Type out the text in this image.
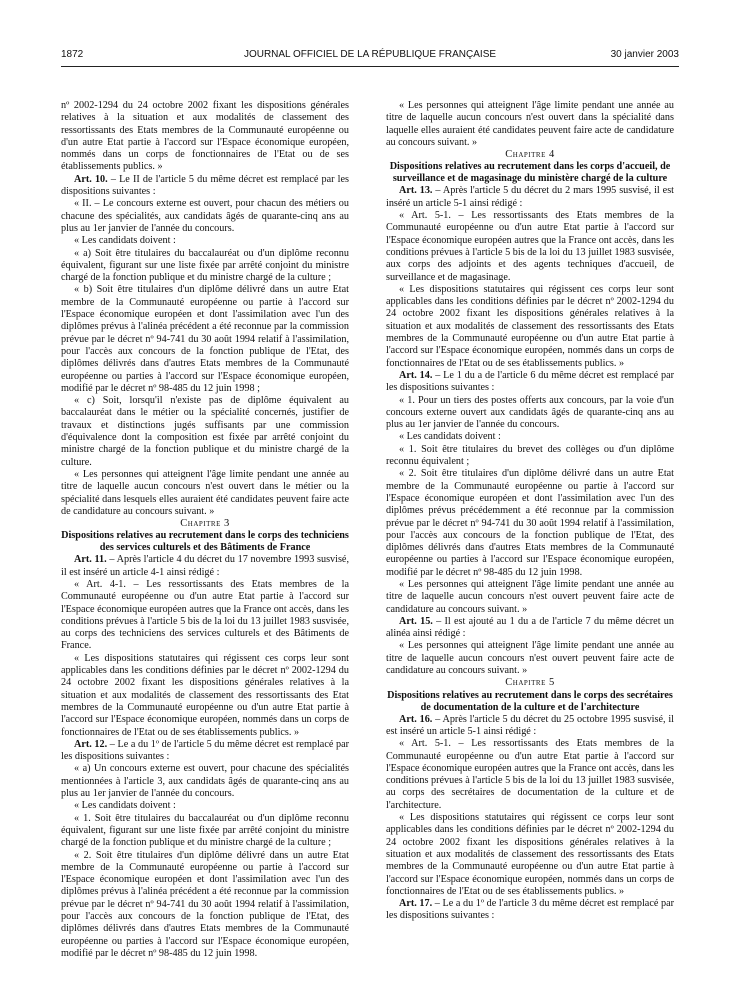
1872	JOURNAL OFFICIEL DE LA RÉPUBLIQUE FRANÇAISE	30 janvier 2003

nº 2002-1294 du 24 octobre 2002 fixant les dispositions générales relatives à la situation et aux modalités de classement des ressortissants des Etats membres de la Communauté européenne ou d'un autre Etat partie à l'accord sur l'Espace économique européen, nommés dans un corps de fonctionnaires de l'Etat ou de ses établissements publics. »

Art. 10. – Le II de l'article 5 du même décret est remplacé par les dispositions suivantes :

« II. – Le concours externe est ouvert, pour chacun des métiers ou chacune des spécialités, aux candidats âgés de quarante-cinq ans au plus au 1er janvier de l'année du concours.

« Les candidats doivent :

« a) Soit être titulaires du baccalauréat ou d'un diplôme reconnu équivalent, figurant sur une liste fixée par arrêté conjoint du ministre chargé de la fonction publique et du ministre chargé de la culture ;

« b) Soit être titulaires d'un diplôme délivré dans un autre Etat membre de la Communauté européenne ou partie à l'accord sur l'Espace économique européen et dont l'assimilation avec l'un des diplômes prévus à l'alinéa précédent a été reconnue par la commission prévue par le décret nº 94-741 du 30 août 1994 relatif à l'assimilation, pour l'accès aux concours de la fonction publique de l'Etat, des diplômes délivrés dans d'autres Etats membres de la Communauté européenne ou parties à l'accord sur l'Espace économique européen, modifié par le décret nº 98-485 du 12 juin 1998 ;

« c) Soit, lorsqu'il n'existe pas de diplôme équivalent au baccalauréat dans le métier ou la spécialité concernés, justifier de travaux et distinctions jugés suffisants par une commission d'équivalence dont la composition est fixée par arrêté conjoint du ministre chargé de la fonction publique et du ministre chargé de la culture.

« Les personnes qui atteignent l'âge limite pendant une année au titre de laquelle aucun concours n'est ouvert dans le métier ou la spécialité dans lesquels elles auraient été candidates peuvent faire acte de candidature au concours suivant. »

Chapitre 3

Dispositions relatives au recrutement dans le corps des techniciens des services culturels et des Bâtiments de France

Art. 11. – Après l'article 4 du décret du 17 novembre 1993 susvisé, il est inséré un article 4-1 ainsi rédigé :

« Art. 4-1. – Les ressortissants des Etats membres de la Communauté européenne ou d'un autre Etat partie à l'accord sur l'Espace économique européen autres que la France ont accès, dans les conditions prévues à l'article 5 bis de la loi du 13 juillet 1983 susvisée, au corps des techniciens des services culturels et des Bâtiments de France.

« Les dispositions statutaires qui régissent ces corps leur sont applicables dans les conditions définies par le décret nº 2002-1294 du 24 octobre 2002 fixant les dispositions générales relatives à la situation et aux modalités de classement des ressortissants des Etat membres de la Communauté européenne ou d'un autre Etat partie à l'accord sur l'Espace économique européen, nommés dans un corps de fonctionnaires de l'Etat ou de ses établissements publics. »

Art. 12. – Le a du 1º de l'article 5 du même décret est remplacé par les dispositions suivantes :

« a) Un concours externe est ouvert, pour chacune des spécialités mentionnées à l'article 3, aux candidats âgés de quarante-cinq ans au plus au 1er janvier de l'année du concours.

« Les candidats doivent :

« 1. Soit être titulaires du baccalauréat ou d'un diplôme reconnu équivalent, figurant sur une liste fixée par arrêté conjoint du ministre chargé de la fonction publique et du ministre chargé de la culture ;

« 2. Soit être titulaires d'un diplôme délivré dans un autre Etat membre de la Communauté européenne ou partie à l'accord sur l'Espace économique européen et dont l'assimilation avec l'un des diplômes prévus à l'alinéa précédent a été reconnue par la commission prévue par le décret nº 94-741 du 30 août 1994 relatif à l'assimilation, pour l'accès aux concours de la fonction publique de l'Etat, des diplômes délivrés dans d'autres Etats membres de la Communauté européenne ou parties à l'accord sur l'Espace économique européen, modifié par le décret nº 98-485 du 12 juin 1998.

« Les personnes qui atteignent l'âge limite pendant une année au titre de laquelle aucun concours n'est ouvert dans la spécialité dans laquelle elles auraient été candidates peuvent faire acte de candidature au concours suivant. »

Chapitre 4

Dispositions relatives au recrutement dans les corps d'accueil, de surveillance et de magasinage du ministère chargé de la culture

Art. 13. – Après l'article 5 du décret du 2 mars 1995 susvisé, il est inséré un article 5-1 ainsi rédigé :

« Art. 5-1. – Les ressortissants des Etats membres de la Communauté européenne ou d'un autre Etat partie à l'accord sur l'Espace économique européen autres que la France ont accès, dans les conditions prévues à l'article 5 bis de la loi du 13 juillet 1983 susvisée, aux corps des adjoints et des agents techniques d'accueil, de surveillance et de magasinage.

« Les dispositions statutaires qui régissent ces corps leur sont applicables dans les conditions définies par le décret nº 2002-1294 du 24 octobre 2002 fixant les dispositions générales relatives à la situation et aux modalités de classement des ressortissants des Etats membres de la Communauté européenne ou d'un autre Etat partie à l'accord sur l'Espace économique européen, nommés dans un corps de fonctionnaires de l'Etat ou de ses établissements publics. »

Art. 14. – Le 1 du a de l'article 6 du même décret est remplacé par les dispositions suivantes :

« 1. Pour un tiers des postes offerts aux concours, par la voie d'un concours externe ouvert aux candidats âgés de quarante-cinq ans au plus au 1er janvier de l'année du concours.

« Les candidats doivent :

« 1. Soit être titulaires du brevet des collèges ou d'un diplôme reconnu équivalent ;

« 2. Soit être titulaires d'un diplôme délivré dans un autre Etat membre de la Communauté européenne ou partie à l'accord sur l'Espace économique européen et dont l'assimilation avec l'un des diplômes prévus précédemment a été reconnue par la commission prévue par le décret nº 94-741 du 30 août 1994 relatif à l'assimilation, pour l'accès aux concours de la fonction publique de l'Etat, des diplômes délivrés dans d'autres Etats membres de la Communauté européenne ou parties à l'accord sur l'Espace économique européen, modifié par le décret nº 98-485 du 12 juin 1998.

« Les personnes qui atteignent l'âge limite pendant une année au titre de laquelle aucun concours n'est ouvert peuvent faire acte de candidature au concours suivant. »

Art. 15. – Il est ajouté au 1 du a de l'article 7 du même décret un alinéa ainsi rédigé :

« Les personnes qui atteignent l'âge limite pendant une année au titre de laquelle aucun concours n'est ouvert peuvent faire acte de candidature au concours suivant. »

Chapitre 5

Dispositions relatives au recrutement dans le corps des secrétaires de documentation de la culture et de l'architecture

Art. 16. – Après l'article 5 du décret du 25 octobre 1995 susvisé, il est inséré un article 5-1 ainsi rédigé :

« Art. 5-1. – Les ressortissants des Etats membres de la Communauté européenne ou d'un autre Etat partie à l'accord sur l'Espace économique européen autres que la France ont accès, dans les conditions prévues à l'article 5 bis de la loi du 13 juillet 1983 susvisée, au corps des secrétaires de documentation de la culture et de l'architecture.

« Les dispositions statutaires qui régissent ce corps leur sont applicables dans les conditions définies par le décret nº 2002-1294 du 24 octobre 2002 fixant les dispositions générales relatives à la situation et aux modalités de classement des ressortissants des Etats membres de la Communauté européenne ou d'un autre Etat partie à l'accord sur l'Espace économique européen, nommés dans un corps de fonctionnaires de l'Etat ou de ses établissements publics. »

Art. 17. – Le a du 1º de l'article 3 du même décret est remplacé par les dispositions suivantes :
